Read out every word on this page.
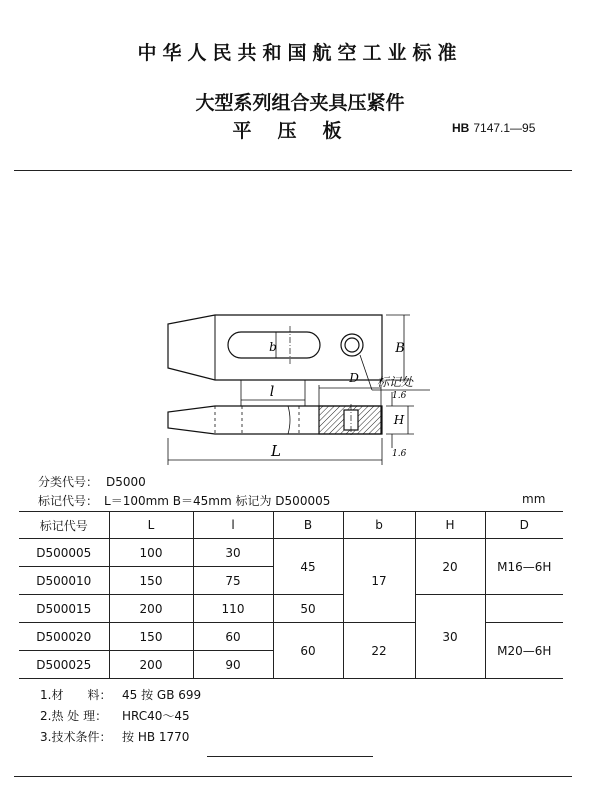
中华人民共和国航空工业标准
大型系列组合夹具压紧件
平压板	HB 7147.1—95
L
D
H
1.6
1.6
b	B
l
标记处
分类代号： D5000
标记代号： L＝100mm B＝45mm 标记为 D500005	mm
标记代号	L	l	B	b	H	D
D500005	100	30	45	17	20	M16—6H
D500010	150	75				
D500015	200	110	50		30	
D500020	150	60	60	22		M20—6H
D500025	200	90				
1.材　　料： 45 按 GB 699
2.热 处 理： HRC40～45
3.技术条件： 按 HB 1770
